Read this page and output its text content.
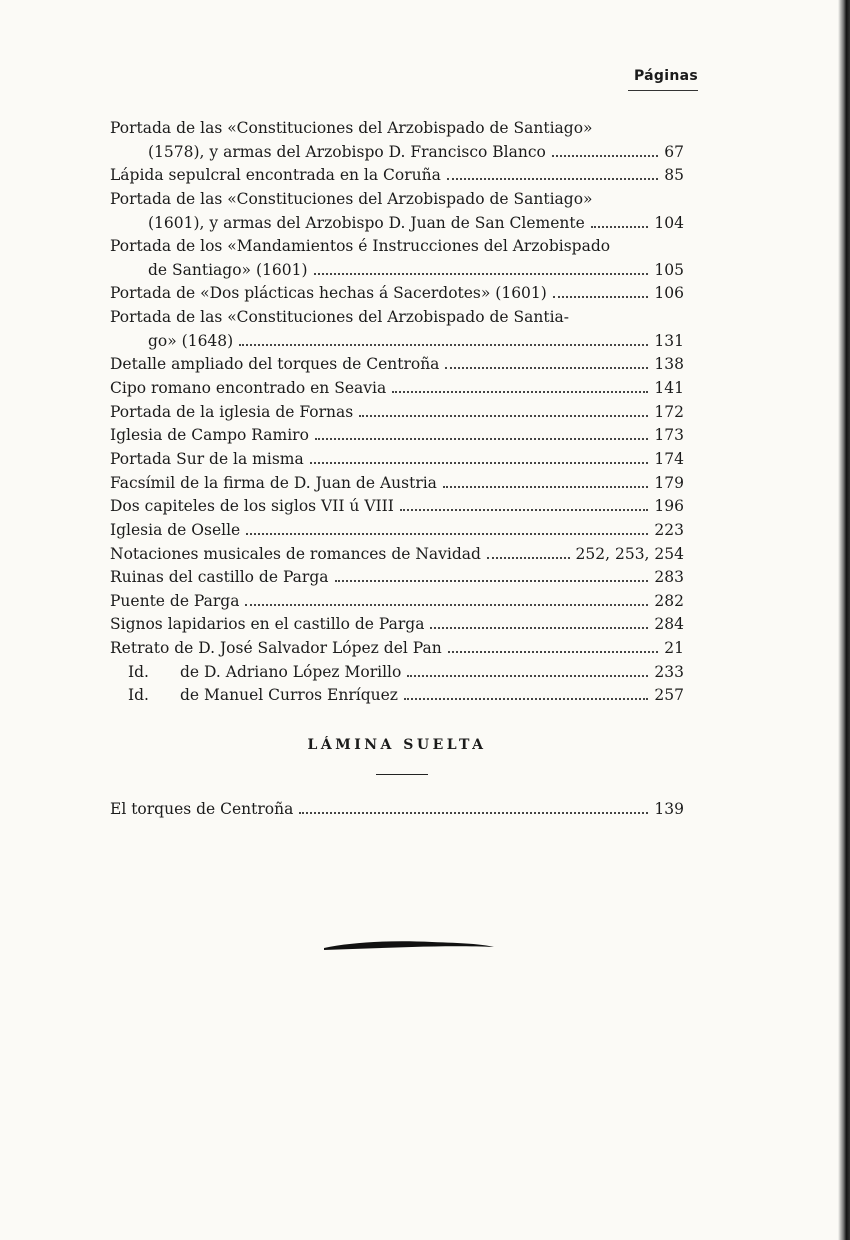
Páginas
Portada de las «Constituciones del Arzobispado de Santiago»
(1578), y armas del Arzobispo D. Francisco Blanco	67
Lápida sepulcral encontrada en la Coruña	85
Portada de las «Constituciones del Arzobispado de Santiago»
(1601), y armas del Arzobispo D. Juan de San Clemente	104
Portada de los «Mandamientos é Instrucciones del Arzobispado
de Santiago» (1601)	105
Portada de «Dos plácticas hechas á Sacerdotes» (1601)	106
Portada de las «Constituciones del Arzobispado de Santia-
go» (1648)	131
Detalle ampliado del torques de Centroña	138
Cipo romano encontrado en Seavia	141
Portada de la iglesia de Fornas	172
Iglesia de Campo Ramiro	173
Portada Sur de la misma	174
Facsímil de la firma de D. Juan de Austria	179
Dos capiteles de los siglos VII ú VIII	196
Iglesia de Oselle	223
Notaciones musicales de romances de Navidad	252, 253, 254
Ruinas del castillo de Parga	283
Puente de Parga	282
Signos lapidarios en el castillo de Parga	284
Retrato de D. José Salvador López del Pan	21
Id.	de D. Adriano López Morillo	233
Id.	de Manuel Curros Enríquez	257
LÁMINA SUELTA
El torques de Centroña	139
